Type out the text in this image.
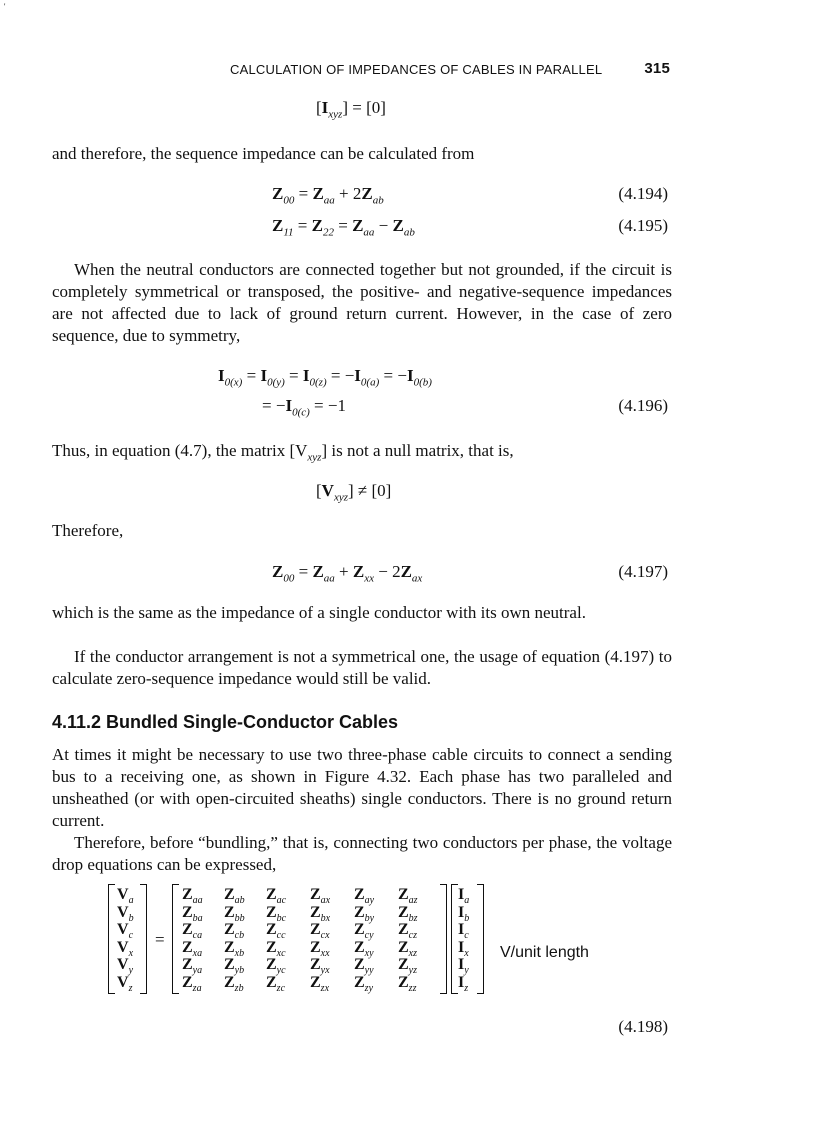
'
CALCULATION OF IMPEDANCES OF CABLES IN PARALLEL	315
$[I_{xyz}] = [0]$
and therefore, the sequence impedance can be calculated from
$Z_{00} = Z_{aa} + 2Z_{ab}$	(4.194)
$Z_{11} = Z_{22} = Z_{aa} - Z_{ab}$	(4.195)
When the neutral conductors are connected together but not grounded, if the circuit is completely symmetrical or transposed, the positive- and negative-sequence impedances are not affected due to lack of ground return current. However, in the case of zero sequence, due to symmetry,
$I_{0(x)} = I_{0(y)} = I_{0(z)} = -I_{0(a)} = -I_{0(b)}$
= $-I_{0(c)} = -1$	(4.196)
Thus, in equation (4.7), the matrix $[V_{xyz}]$ is not a null matrix, that is,
$[V_{xyz}] \ne [0]$
Therefore,
$Z_{00} = Z_{aa} + Z_{xx} - 2Z_{ax}$	(4.197)
which is the same as the impedance of a single conductor with its own neutral.
If the conductor arrangement is not a symmetrical one, the usage of equation (4.197) to calculate zero-sequence impedance would still be valid.
4.11.2 Bundled Single-Conductor Cables
At times it might be necessary to use two three-phase cable circuits to connect a sending bus to a receiving one, as shown in Figure 4.32. Each phase has two paralleled and unsheathed (or with open-circuited sheaths) single conductors. There is no ground return current.
Therefore, before “bundling,” that is, connecting two conductors per phase, the voltage drop equations can be expressed,
=
V/unit length
$V_a$
$V_b$
$V_c$
$V_x$
$V_y$
$V_z$
$Z_{aa}$ $Z_{ab}$ $Z_{ac}$ $Z_{ax}$ $Z_{ay}$ $Z_{az}$
$Z_{ba}$ $Z_{bb}$ $Z_{bc}$ $Z_{bx}$ $Z_{by}$ $Z_{bz}$
$Z_{ca}$ $Z_{cb}$ $Z_{cc}$ $Z_{cx}$ $Z_{cy}$ $Z_{cz}$
$Z_{xa}$ $Z_{xb}$ $Z_{xc}$ $Z_{xx}$ $Z_{xy}$ $Z_{xz}$
$Z_{ya}$ $Z_{yb}$ $Z_{yc}$ $Z_{yx}$ $Z_{yy}$ $Z_{yz}$
$Z_{za}$ $Z_{zb}$ $Z_{zc}$ $Z_{zx}$ $Z_{zy}$ $Z_{zz}$
$I_a$
$I_b$
$I_c$
$I_x$
$I_y$
$I_z$
(4.198)
